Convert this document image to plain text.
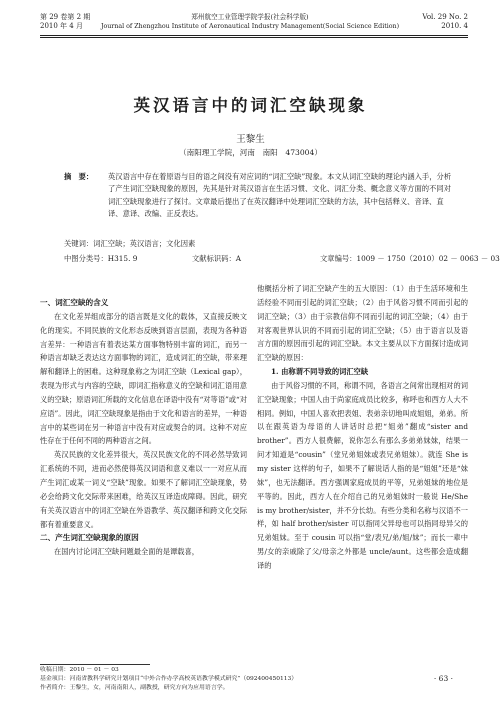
第 29 卷第 2 期
2010 年 4 月
郑州航空工业管理学院学报(社会科学版)
Journal of Zhengzhou Institute of Aeronautical Industry Management(Social Science Edition)
Vol. 29 No. 2
2010. 4
英汉语言中的词汇空缺现象
王黎生
（南阳理工学院，河南　南阳　473004）
摘　要：	英汉语言中存在着原语与目的语之间没有对应词的“词汇空缺”现象。本文从词汇空缺的理论内涵入手，分析了产生词汇空缺现象的原因，先其是针对英汉语言在生活习惯、文化、词汇分类、概念意义等方面的不同对词汇空缺现象进行了探讨。文章最后提出了在英汉翻译中处理词汇空缺的方法，其中包括释义、音译、直译、意译、改编、正反表达。
关键词：词汇空缺；英汉语言；文化因素
中图分类号：H315. 9	文献标识码：A	文章编号：1009 － 1750（2010）02 － 0063 － 03

一、词汇空缺的含义

在文化差异组成部分的语言既是文化的载体，又直接反映文化的现实。不同民族的文化形态反映到语言层面，表现为各种语言差异：一种语言有着表达某方面事物特别丰富的词汇，而另一种语言却缺乏表达这方面事物的词汇，造成词汇的空缺，带来理解和翻译上的困难。这种现象称之为词汇空缺（Lexical gap），表现为形式与内容的空缺，即词汇指称意义的空缺和词汇语用意义的空缺；原语词汇所载的文化信息在译语中没有“对等语”或“对应语”。因此，词汇空缺现象是指由于文化和语言的差异，一种语言中的某些词在另一种语言中没有对应或契合的词。这种不对应性存在于任何不同的两种语言之间。

英汉民族的文化差异很大，英汉民族文化的不同必然导致词汇系统的不同，进而必然使得英汉词语和意义难以一一对应从而产生词汇或某一词义“空缺”现象。如果不了解词汇空缺现象，势必会给跨文化交际带来困难，给英汉互译造成障碍。因此，研究有关英汉语言中的词汇空缺在外语教学、英汉翻译和跨文化交际都有着重要意义。

二、产生词汇空缺现象的原因

在国内讨论词汇空缺问题最全面的是谭载喜，

他概括分析了词汇空缺产生的五大原因：（1）由于生活环境和生活经验不同而引起的词汇空缺；（2）由于风俗习惯不同而引起的词汇空缺；（3）由于宗教信仰不同而引起的词汇空缺；（4）由于对客观世界认识的不同而引起的词汇空缺；（5）由于语言以及语言方面的原因而引起的词汇空缺。本文主要从以下方面探讨造成词汇空缺的原因：

1. 由称谓不同导致的词汇空缺

由于风俗习惯的不同，称谓不同，各语言之间常出现相对的词汇空缺现象；中国人由于尚家庭成员比较多，称呼也和西方人大不相同。例如，中国人喜欢把表姐、表弟亲切地叫成姐姐，弟弟。所以在跟英语为母语的人讲话时总把“姐弟”翻成“sister and brother”。西方人很费解，说你怎么有那么多弟弟妹妹，结果一问才知道是“cousin”（堂兄弟姐妹或表兄弟姐妹）。就连 She is my sister 这样的句子，如果不了解说话人指的是“姐姐”还是“妹妹”，也无法翻译。西方强调家庭成员的平等，兄弟姐妹的地位是平等的。因此，西方人在介绍自己的兄弟姐妹时一般说 He/She is my brother/sister，并不分长幼。有些分类和名称与汉语不一样，如 half brother/sister 可以指同父异母也可以指同母异父的兄弟姐妹。至于 cousin 可以指“堂/表兄/弟/姐/妹”；而长一辈中男/女的亲戚除了父/母亲之外都是 uncle/aunt。这些都会造成翻译的

收稿日期：2010 － 01 － 03
基金项目：河南省教科学研究计划项目“中外合作办学高校英语教学模式研究”（092400450113）
作者简介：王黎生，女，河南南阳人，副教授，研究方向为应用语言学。
· 63 ·
